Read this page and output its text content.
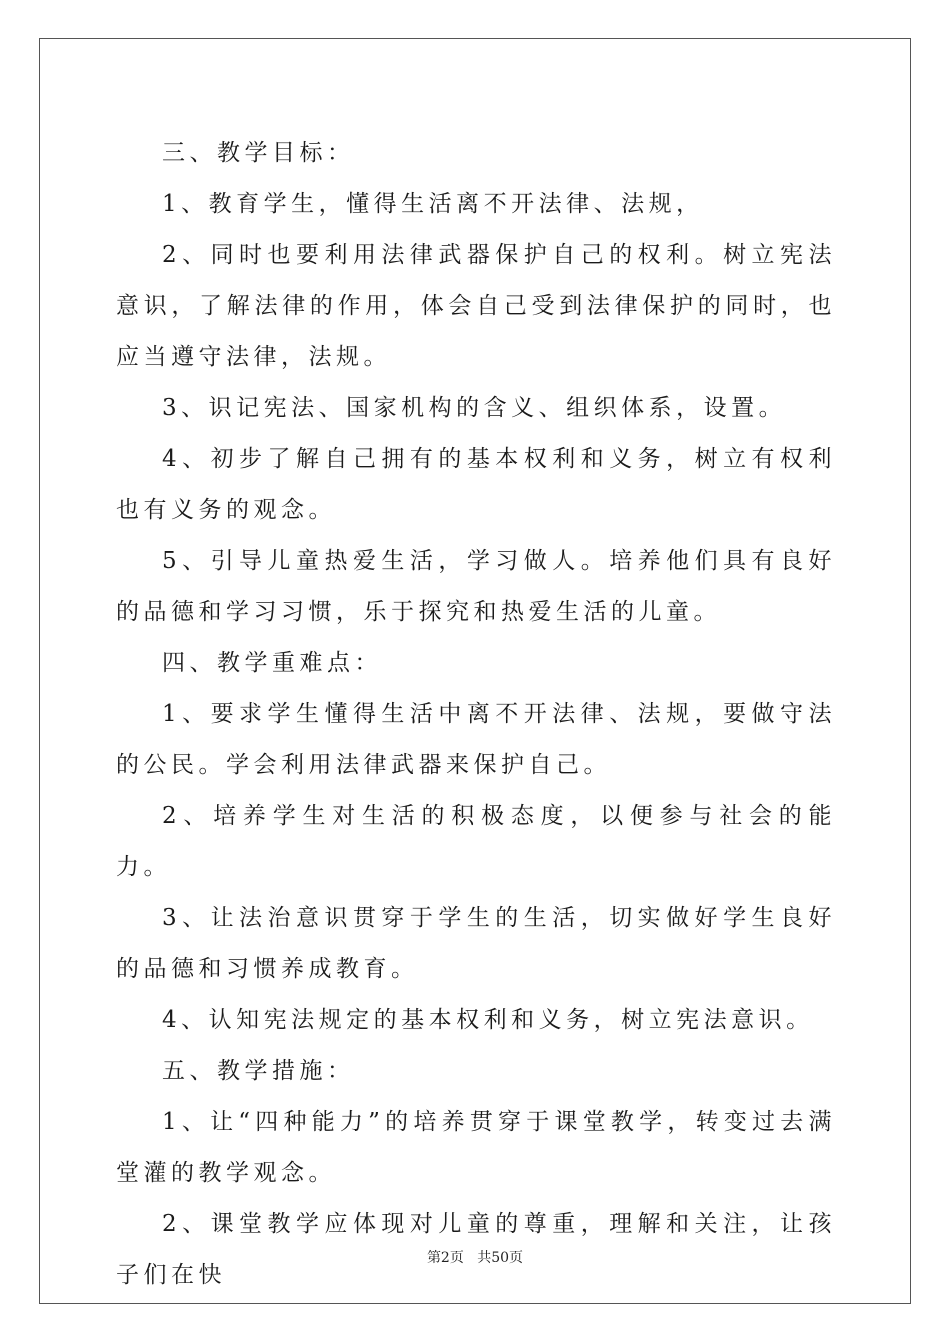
三、教学目标：

1、教育学生，懂得生活离不开法律、法规，

2、同时也要利用法律武器保护自己的权利。树立宪法意识，了解法律的作用，体会自己受到法律保护的同时，也应当遵守法律，法规。

3、识记宪法、国家机构的含义、组织体系，设置。

4、初步了解自己拥有的基本权利和义务，树立有权利也有义务的观念。

5、引导儿童热爱生活，学习做人。培养他们具有良好的品德和学习习惯，乐于探究和热爱生活的儿童。

四、教学重难点：

1、要求学生懂得生活中离不开法律、法规，要做守法的公民。学会利用法律武器来保护自己。

2、培养学生对生活的积极态度，以便参与社会的能力。

3、让法治意识贯穿于学生的生活，切实做好学生良好的品德和习惯养成教育。

4、认知宪法规定的基本权利和义务，树立宪法意识。

五、教学措施：

1、让“四种能力”的培养贯穿于课堂教学，转变过去满堂灌的教学观念。

2、课堂教学应体现对儿童的尊重，理解和关注，让孩子们在快

第2页 共50页
